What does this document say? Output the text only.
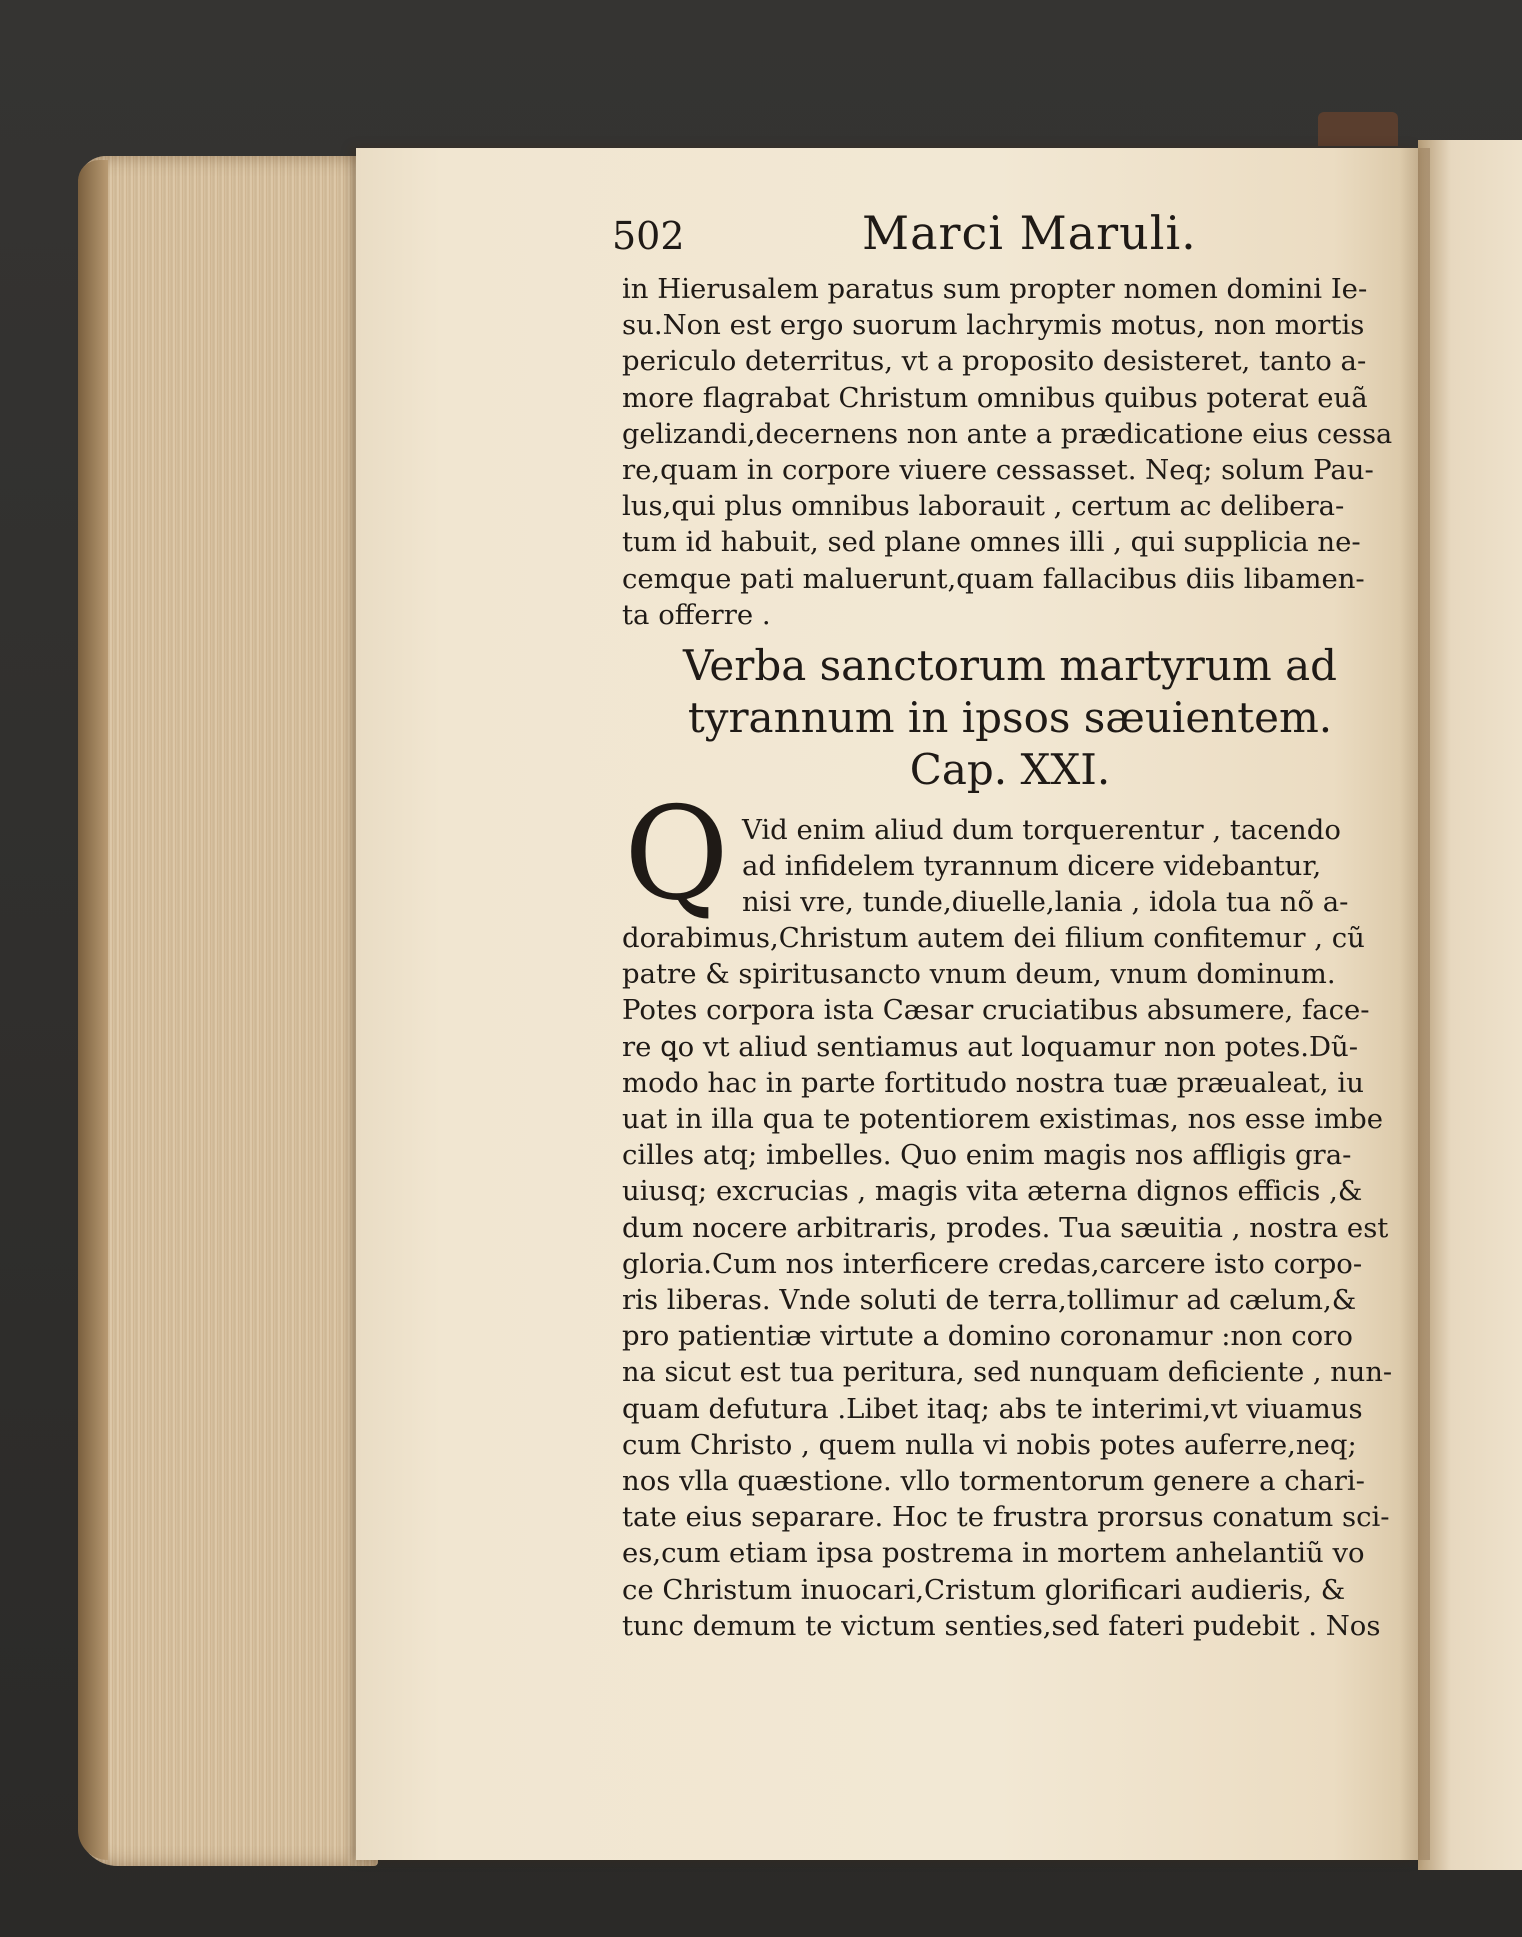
502	Marci Maruli.
in Hierusalem paratus sum propter nomen domini Ie-
su.Non est ergo suorum lachrymis motus, non mortis
periculo deterritus, vt a proposito desisteret, tanto a-
more flagrabat Christum omnibus quibus poterat euã
gelizandi,decernens non ante a prædicatione eius cessa
re,quam in corpore viuere cessasset. Neq; solum Pau-
lus,qui plus omnibus laborauit , certum ac delibera-
tum id habuit, sed plane omnes illi , qui supplicia ne-
cemque pati maluerunt,quam fallacibus diis libamen-
ta offerre .
Verba sanctorum martyrum ad
tyrannum in ipsos sæuientem.
Cap. XXI.
Q Vid enim aliud dum torquerentur , tacendo
ad infidelem tyrannum dicere videbantur,
nisi vre, tunde,diuelle,lania , idola tua nõ a-
dorabimus,Christum autem dei filium confitemur , cũ
patre & spiritusancto vnum deum, vnum dominum.
Potes corpora ista Cæsar cruciatibus absumere, face-
re ꝗo vt aliud sentiamus aut loquamur non potes.Dũ-
modo hac in parte fortitudo nostra tuæ præualeat, iu
uat in illa qua te potentiorem existimas, nos esse imbe
cilles atq; imbelles. Quo enim magis nos affligis gra-
uiusq; excrucias , magis vita æterna dignos efficis ,&
dum nocere arbitraris, prodes. Tua sæuitia , nostra est
gloria.Cum nos interficere credas,carcere isto corpo-
ris liberas. Vnde soluti de terra,tollimur ad cælum,&
pro patientiæ virtute a domino coronamur :non coro
na sicut est tua peritura, sed nunquam deficiente , nun-
quam defutura .Libet itaq; abs te interimi,vt viuamus
cum Christo , quem nulla vi nobis potes auferre,neq;
nos vlla quæstione. vllo tormentorum genere a chari-
tate eius separare. Hoc te frustra prorsus conatum sci-
es,cum etiam ipsa postrema in mortem anhelantiũ vo
ce Christum inuocari,Cristum glorificari audieris, &
tunc demum te victum senties,sed fateri pudebit . Nos
